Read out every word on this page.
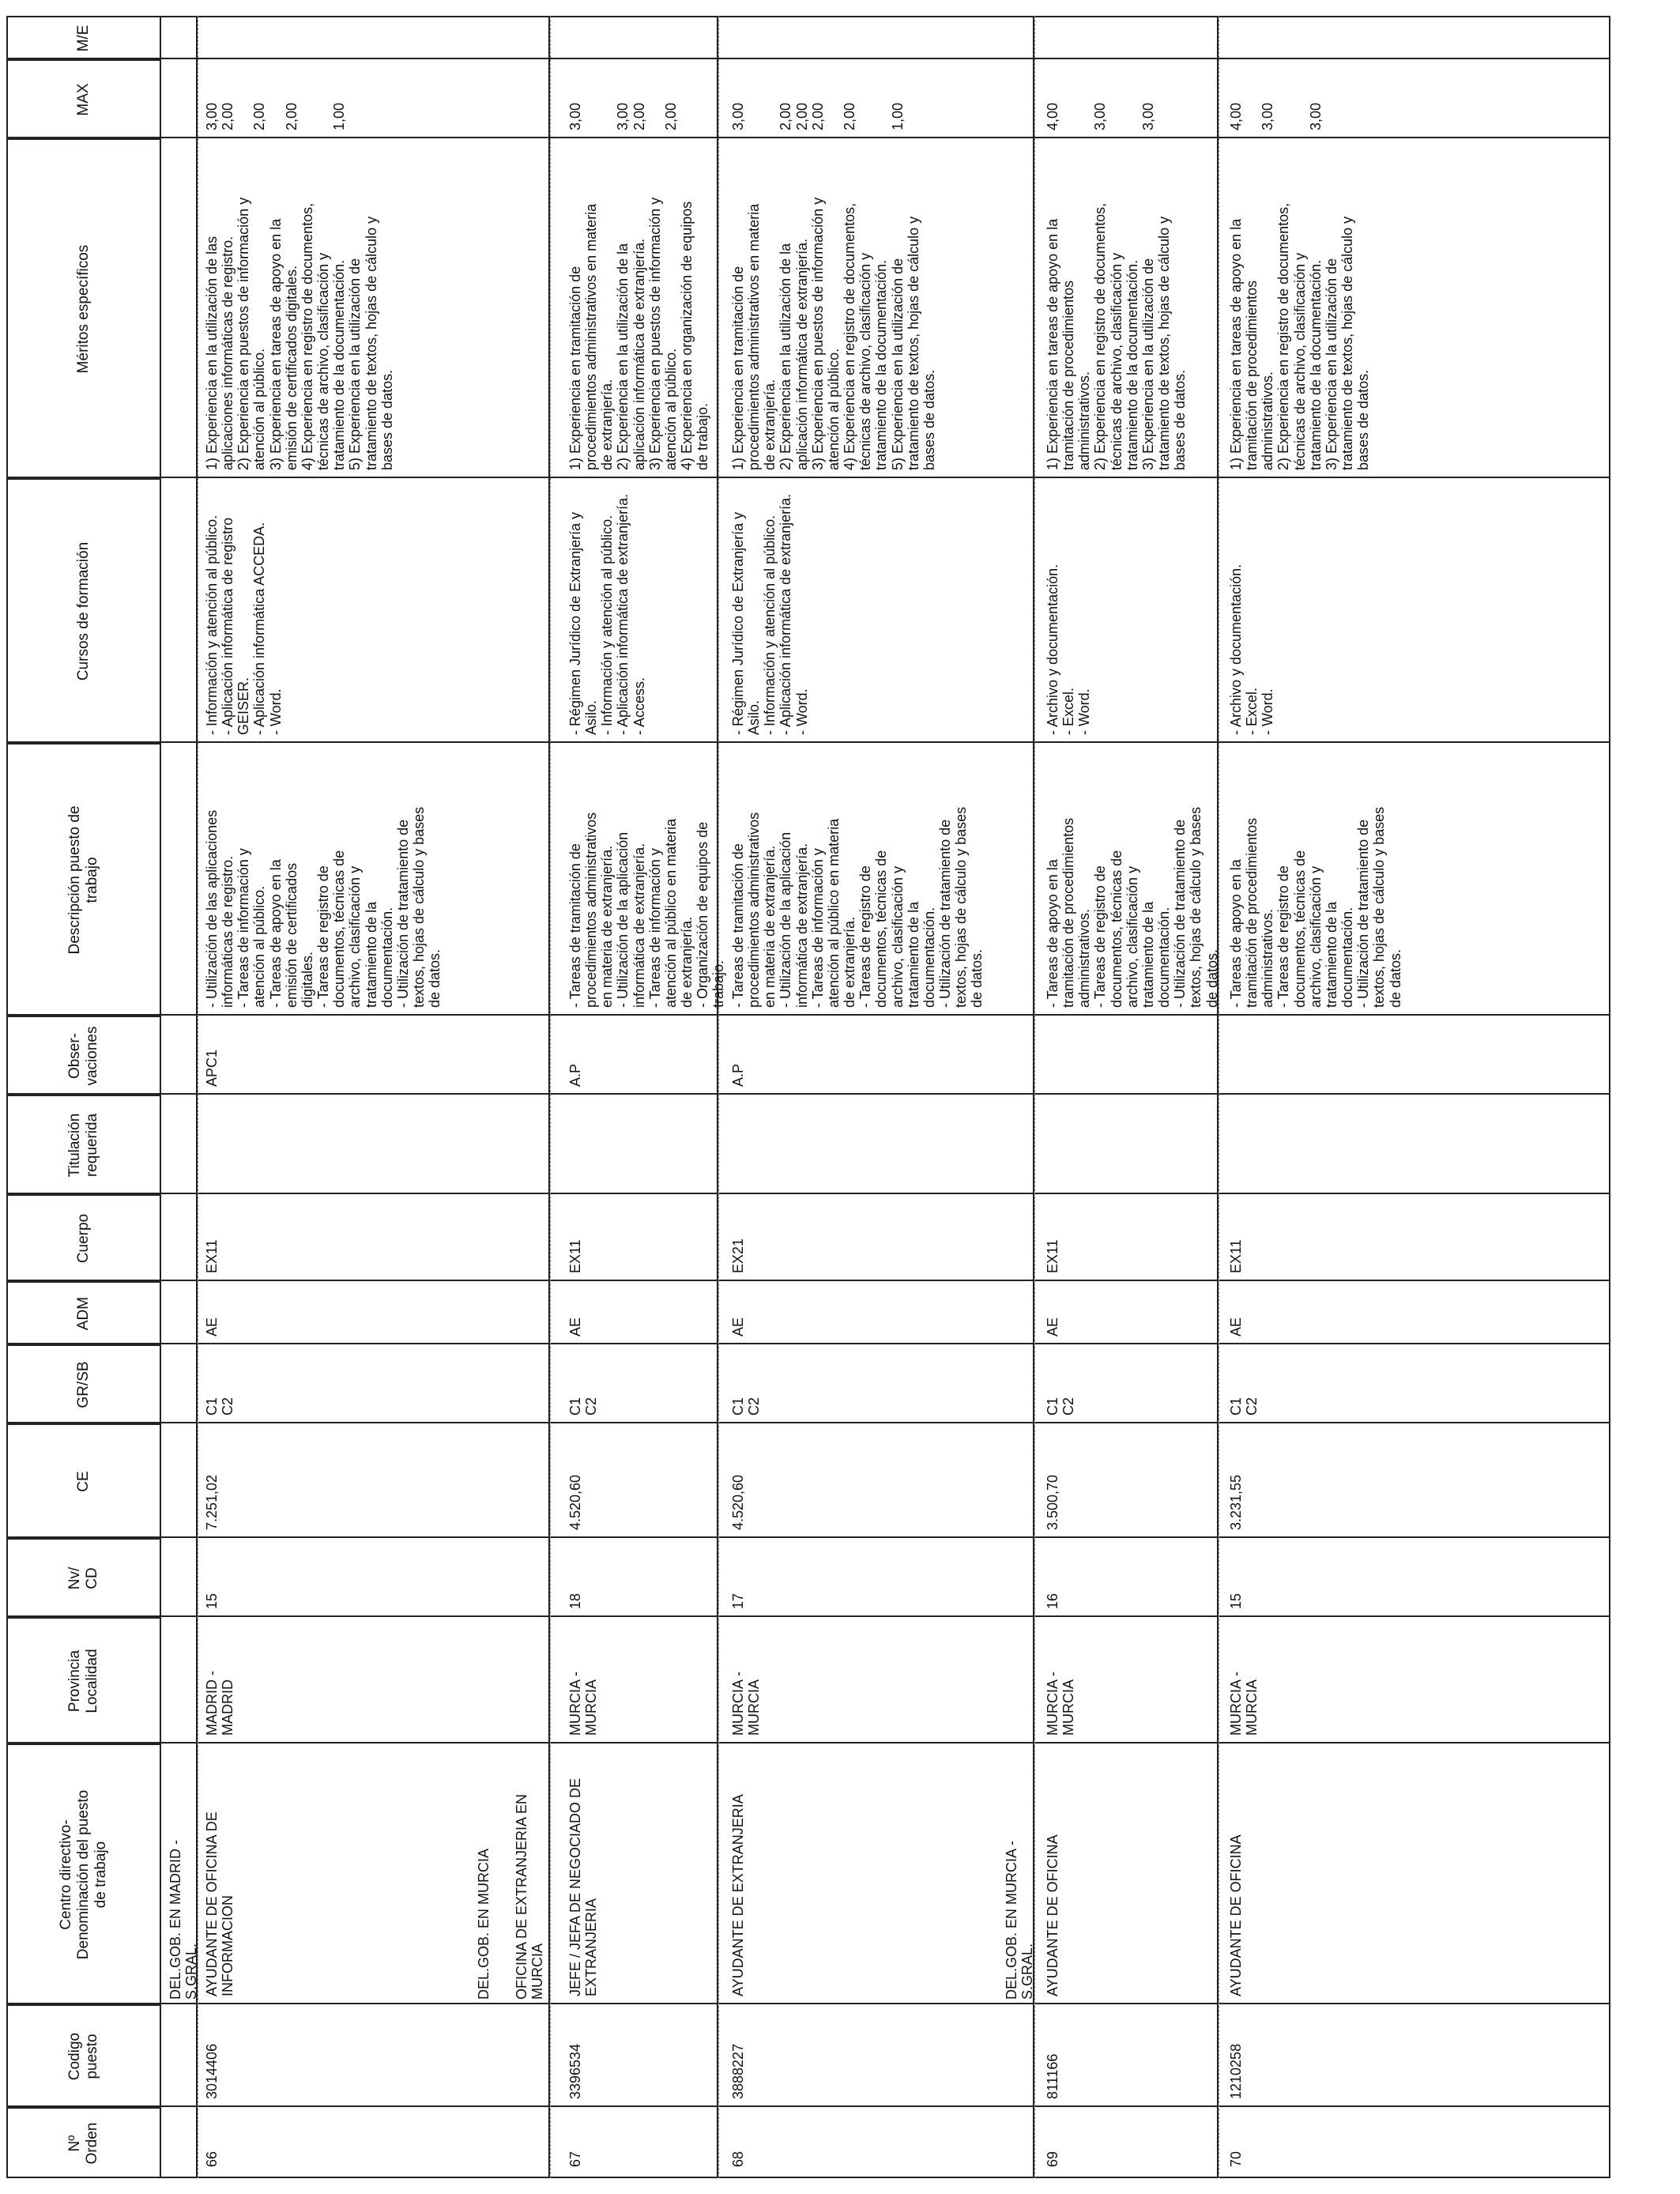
Nº
Orden
Codigo
puesto
Centro directivo-
Denominación del puesto
de trabajo
Provincia
Localidad
Nv/
CD
CE
GR/SB
ADM
Cuerpo
Titulación
requerida
Obser-
vaciones
Descripción puesto de
trabajo
Cursos de formación
Méritos específicos
MAX
M/E
DEL.GOB. EN MADRID -
S.GRAL.	DEL.GOB. EN MURCIA OFICINA DE EXTRANJERIA EN
MURCIA	DEL.GOB. EN MURCIA -
S.GRAL.
66
3014406
AYUDANTE DE OFICINA DE
INFORMACION
MADRID -
MADRID
15
7.251,02
C1
C2
AE
EX11
APC1
- Utilización de las aplicaciones
informáticas de registro.
- Tareas de información y
atención al público.
- Tareas de apoyo en la
emisión de certificados
digitales.
- Tareas de registro de
documentos, técnicas de
archivo, clasificación y
tratamiento de la
documentación.
- Utilización de tratamiento de
textos, hojas de cálculo y bases
de datos.
- Información y atención al público.
- Aplicación informática de registro
GEISER.
- Aplicación informática ACCEDA.
- Word.
1) Experiencia en la utilización de las
aplicaciones informáticas de registro.
2) Experiencia en puestos de información y
atención al público.
3) Experiencia en tareas de apoyo en la
emisión de certificados digitales.
4) Experiencia en registro de documentos,
técnicas de archivo, clasificación y
tratamiento de la documentación.
5) Experiencia en la utilización de
tratamiento de textos, hojas de cálculo y
bases de datos.
3,00
2,00

2,00

2,00

1,00
67
3396534
JEFE / JEFA DE NEGOCIADO DE
EXTRANJERIA
MURCIA -
MURCIA
18
4.520,60
C1
C2
AE
EX11
A.P
- Tareas de tramitación de
procedimientos administrativos
en materia de extranjería.
- Utilización de la aplicación
informática de extranjería.
- Tareas de información y
atención al público en materia
de extranjería.
- Organización de equipos de
trabajo.
- Régimen Jurídico de Extranjería y
Asilo.
- Información y atención al público.
- Aplicación informática de extranjería.
- Access.
1) Experiencia en tramitación de
procedimientos administrativos en materia
de extranjería.
2) Experiencia en la utilización de la
aplicación informática de extranjería.
3) Experiencia en puestos de información y
atención al público.
4) Experiencia en organización de equipos
de trabajo.
3,00

3,00
2,00

2,00
68
3888227
AYUDANTE DE EXTRANJERIA
MURCIA -
MURCIA
17
4.520,60
C1
C2
AE
EX21
A.P
- Tareas de tramitación de
procedimientos administrativos
en materia de extranjería.
- Utilización de la aplicación
informática de extranjería.
- Tareas de información y
atención al público en materia
de extranjería.
- Tareas de registro de
documentos, técnicas de
archivo, clasificación y
tratamiento de la
documentación.
- Utilización de tratamiento de
textos, hojas de cálculo y bases
de datos.
- Régimen Jurídico de Extranjería y
Asilo.
- Información y atención al público.
- Aplicación informática de extranjería.
- Word.
1) Experiencia en tramitación de
procedimientos administrativos en materia
de extranjería.
2) Experiencia en la utilización de la
aplicación informática de extranjería.
3) Experiencia en puestos de información y
atención al público.
4) Experiencia en registro de documentos,
técnicas de archivo, clasificación y
tratamiento de la documentación.
5) Experiencia en la utilización de
tratamiento de textos, hojas de cálculo y
bases de datos.
3,00

2,00
2,00
2,00

2,00

1,00
69
811166
AYUDANTE DE OFICINA
MURCIA -
MURCIA
16
3.500,70
C1
C2
AE
EX11
- Tareas de apoyo en la
tramitación de procedimientos
administrativos.
- Tareas de registro de
documentos, técnicas de
archivo, clasificación y
tratamiento de la
documentación.
- Utilización de tratamiento de
textos, hojas de cálculo y bases
de datos.
- Archivo y documentación.
- Excel.
- Word.
1) Experiencia en tareas de apoyo en la
tramitación de procedimientos
administrativos.
2) Experiencia en registro de documentos,
técnicas de archivo, clasificación y
tratamiento de la documentación.
3) Experiencia en la utilización de
tratamiento de textos, hojas de cálculo y
bases de datos.
4,00

3,00

3,00
70
1210258
AYUDANTE DE OFICINA
MURCIA -
MURCIA
15
3.231,55
C1
C2
AE
EX11
- Tareas de apoyo en la
tramitación de procedimientos
administrativos.
- Tareas de registro de
documentos, técnicas de
archivo, clasificación y
tratamiento de la
documentación.
- Utilización de tratamiento de
textos, hojas de cálculo y bases
de datos.
- Archivo y documentación.
- Excel.
- Word.
1) Experiencia en tareas de apoyo en la
tramitación de procedimientos
administrativos.
2) Experiencia en registro de documentos,
técnicas de archivo, clasificación y
tratamiento de la documentación.
3) Experiencia en la utilización de
tratamiento de textos, hojas de cálculo y
bases de datos.
4,00

3,00

3,00
